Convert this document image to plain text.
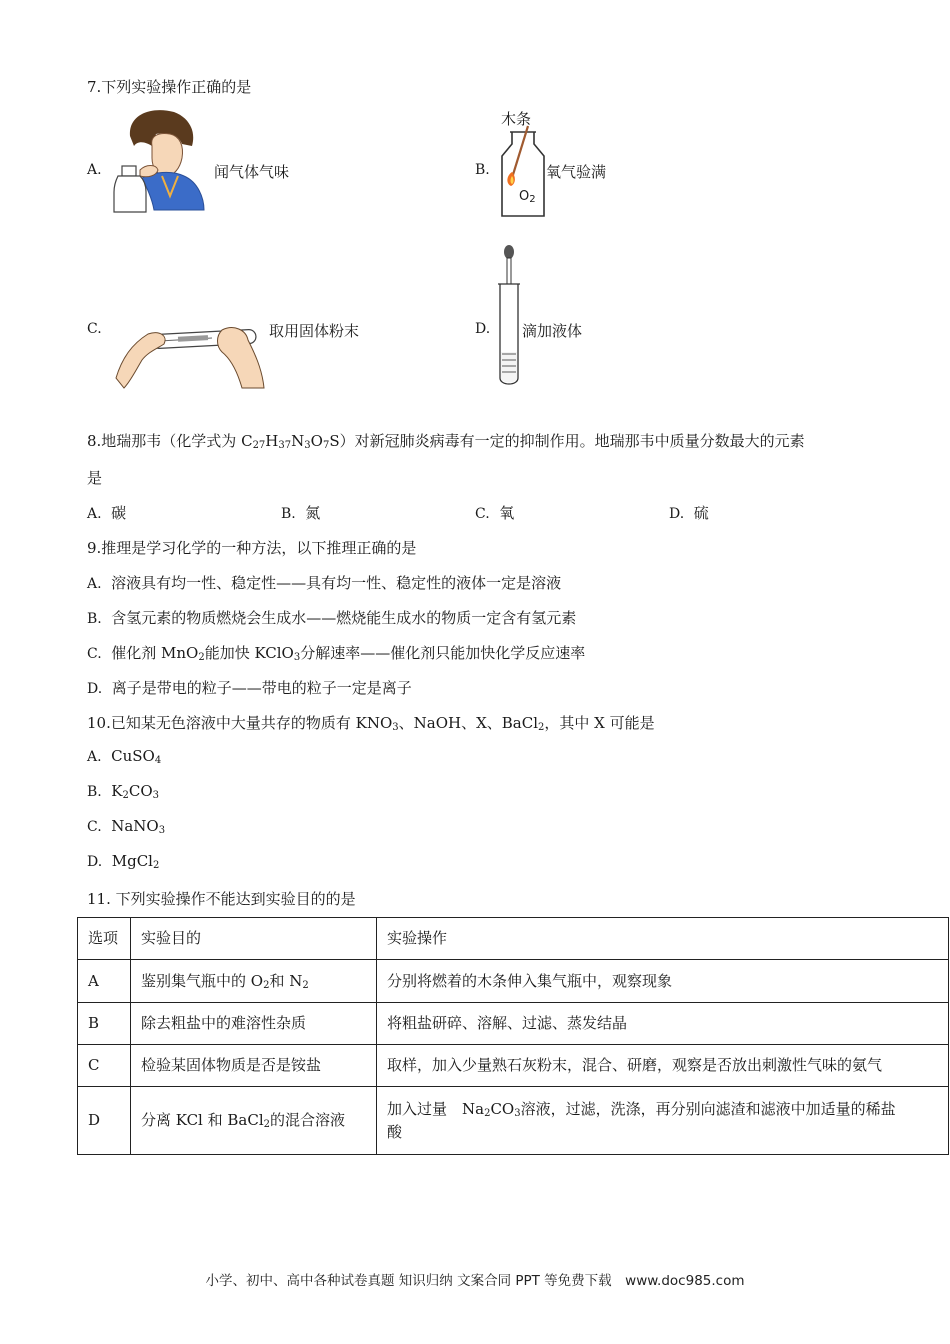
7.下列实验操作正确的是
A.	闻气体气味	B.
木条
$O_2$
氧气验满
C.	取用固体粉末	D. 滴加液体
8.地瑞那韦（化学式为 $C_{27}H_{37}N_3O_7S$）对新冠肺炎病毒有一定的抑制作用。地瑞那韦中质量分数最大的元素
是
A. 碳	B. 氮	C. 氧	D. 硫
9.推理是学习化学的一种方法，以下推理正确的是
A. 溶液具有均一性、稳定性——具有均一性、稳定性的液体一定是溶液
B. 含氢元素的物质燃烧会生成水——燃烧能生成水的物质一定含有氢元素
C. 催化剂 MnO$_2$能加快 KClO$_3$分解速率——催化剂只能加快化学反应速率
D. 离子是带电的粒子——带电的粒子一定是离子
10.已知某无色溶液中大量共存的物质有 $KNO_3$、NaOH、X、BaCl$_2$，其中 X 可能是
A. CuSO$_4$
B. $K_2CO_3$
C. NaNO$_3$
D. MgCl$_2$
11. 下列实验操作不能达到实验目的的是
选项	实验目的	实验操作
A	鉴别集气瓶中的 $O_2$和 $N_2$	分别将燃着的木条伸入集气瓶中，观察现象
B	除去粗盐中的难溶性杂质	将粗盐研碎、溶解、过滤、蒸发结晶
C	检验某固体物质是否是铵盐	取样，加入少量熟石灰粉末，混合、研磨，观察是否放出刺激性气味的氨气
D	分离 KCl 和 BaCl$_2$的混合溶液	加入过量　$Na_2CO_3$溶液，过滤，洗涤，再分别向滤渣和滤液中加适量的稀盐
酸
小学、初中、高中各种试卷真题 知识归纳 文案合同 PPT 等免费下载　www.doc985.com
